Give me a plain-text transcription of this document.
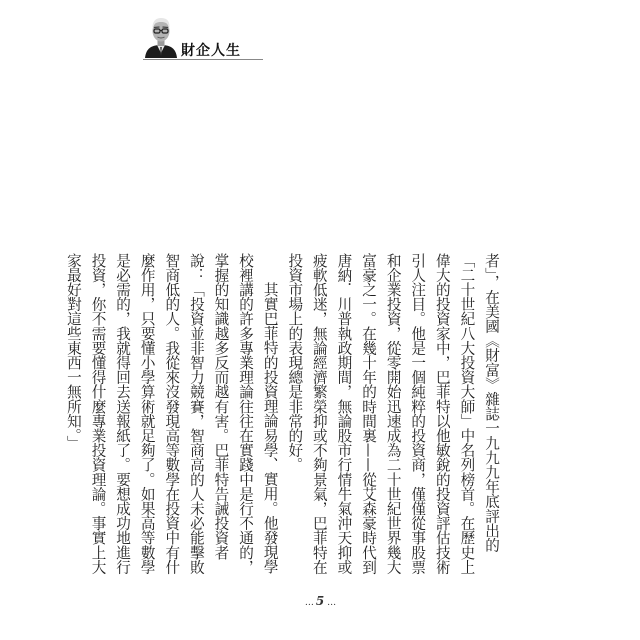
財企人生

者」，在美國《財富》雜誌一九九九年底評出的「二十世紀八大投資大師」中名列榜首。在歷史上偉大的投資家中，巴菲特以他敏銳的投資評估技術引人注目。他是一個純粹的投資商，僅僅從事股票和企業投資，從零開始迅速成為二十世紀世界幾大富豪之一。在幾十年的時間裏——從艾森豪時代到唐納．川普執政期間，無論股市行情牛氣沖天抑或疲軟低迷，無論經濟繁榮抑或不夠景氣，巴菲特在投資市場上的表現總是非常的好。

其實巴菲特的投資理論易學、實用。他發現學校裡講的許多專業理論往往在實踐中是行不通的，掌握的知識越多反而越有害。巴菲特告誡投資者說：「投資並非智力競賽，智商高的人未必能擊敗智商低的人。我從來沒發現高等數學在投資中有什麼作用，只要懂小學算術就足夠了。如果高等數學是必需的，我就得回去送報紙了。要想成功地進行投資，你不需要懂得什麼專業投資理論。事實上大家最好對這些東西一無所知。」

… 5 …
